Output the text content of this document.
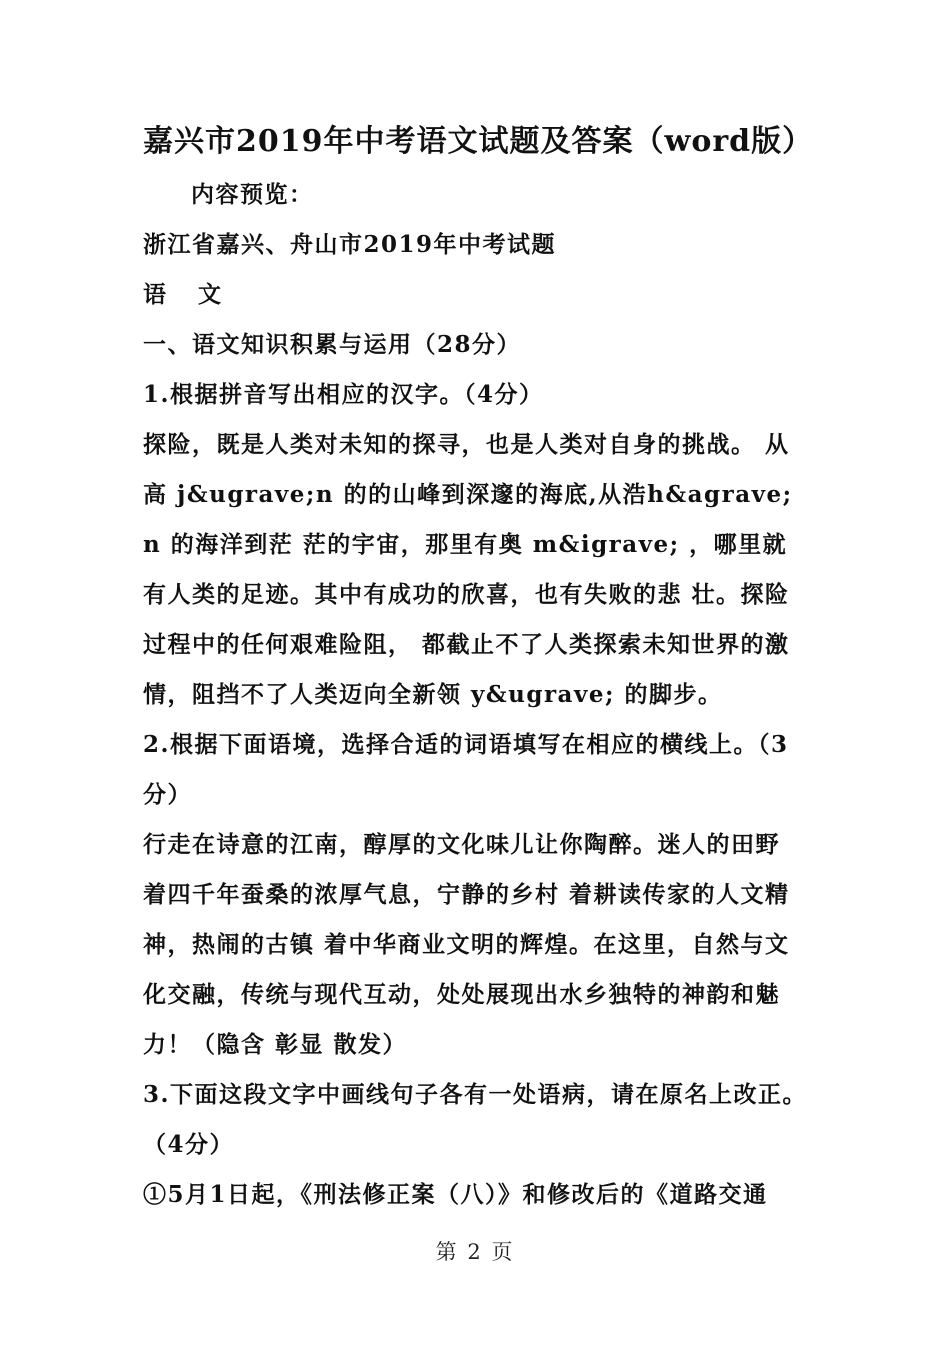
嘉兴市2019年中考语文试题及答案（word版）

内容预览：

浙江省嘉兴、舟山市2019年中考试题

语 文

一、语文知识积累与运用（28分）

1.根据拼音写出相应的汉字。（4分）

探险，既是人类对未知的探寻，也是人类对自身的挑战。 从高 j&ugrave;n 的的山峰到深邃的海底,从浩h&agrave;n 的海洋到茫 茫的宇宙，那里有奥 m&igrave; ，哪里就有人类的足迹。其中有成功的欣喜，也有失败的悲 壮。探险过程中的任何艰难险阻， 都截止不了人类探索未知世界的激情，阻挡不了人类迈向全新领 y&ugrave; 的脚步。

2.根据下面语境，选择合适的词语填写在相应的横线上。（3分）

行走在诗意的江南，醇厚的文化味儿让你陶醉。迷人的田野 着四千年蚕桑的浓厚气息，宁静的乡村 着耕读传家的人文精神，热闹的古镇 着中华商业文明的辉煌。在这里，自然与文化交融，传统与现代互动，处处展现出水乡独特的神韵和魅力！（隐含 彰显 散发）

3.下面这段文字中画线句子各有一处语病，请在原名上改正。（4分）

①5月1日起，《刑法修正案（八）》和修改后的《道路交通

第 2 页
